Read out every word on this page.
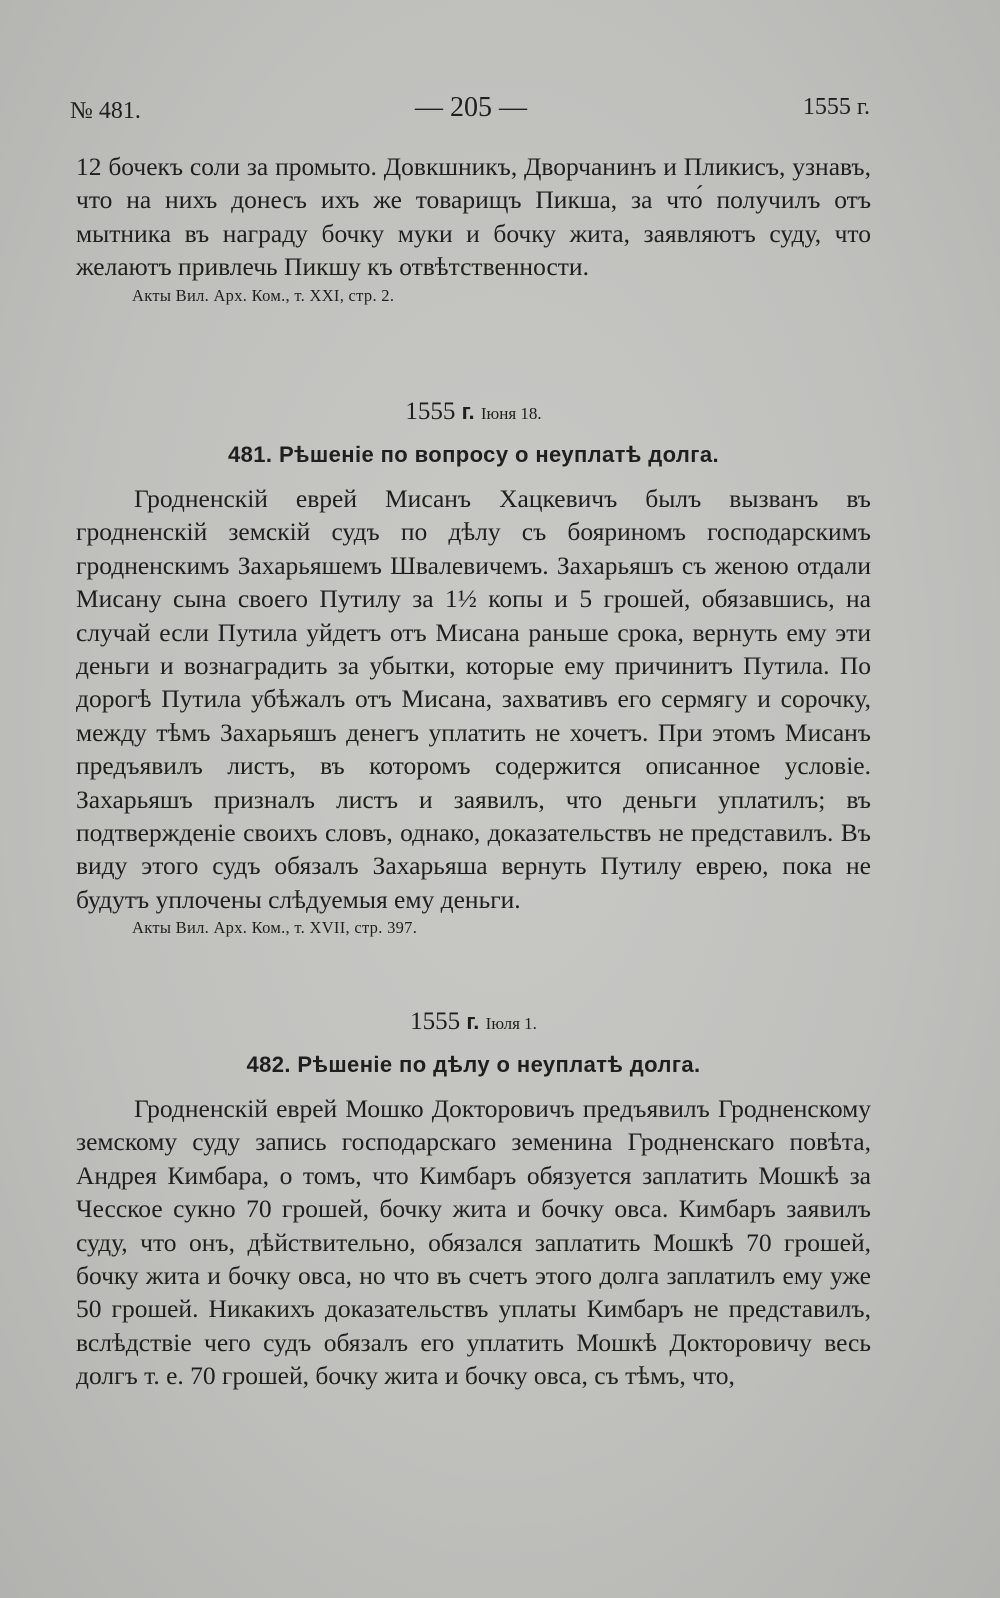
№ 481.	— 205 —	1555 г.

12 бочекъ соли за промыто. Довкшникъ, Дворчанинъ и Пликисъ, узнавъ, что на нихъ донесъ ихъ же товарищъ Пикша, за что́ получилъ отъ мытника въ награду бочку муки и бочку жита, заявляютъ суду, что желаютъ привлечь Пикшу къ отвѣтственности.

Акты Вил. Арх. Ком., т. XXI, стр. 2.
1555 г. Iюня 18.
481. Рѣшеніе по вопросу о неуплатѣ долга.

Гродненскій еврей Мисанъ Хацкевичъ былъ вызванъ въ гродненскій земскій судъ по дѣлу съ бояриномъ господарскимъ гродненскимъ Захарьяшемъ Швалевичемъ. Захарьяшъ съ женою отдали Мисану сына своего Путилу за 1½ копы и 5 грошей, обязавшись, на случай если Путила уйдетъ отъ Мисана раньше срока, вернуть ему эти деньги и вознаградить за убытки, которые ему причинитъ Путила. По дорогѣ Путила убѣжалъ отъ Мисана, захвативъ его сермягу и сорочку, между тѣмъ Захарьяшъ денегъ уплатить не хочетъ. При этомъ Мисанъ предъявилъ листъ, въ которомъ содержится описанное условіе. Захарьяшъ призналъ листъ и заявилъ, что деньги уплатилъ; въ подтвержденіе своихъ словъ, однако, доказательствъ не представилъ. Въ виду этого судъ обязалъ Захарьяша вернуть Путилу еврею, пока не будутъ уплочены слѣдуемыя ему деньги.

Акты Вил. Арх. Ком., т. XVII, стр. 397.
1555 г. Iюля 1.
482. Рѣшеніе по дѣлу о неуплатѣ долга.

Гродненскій еврей Мошко Докторовичъ предъявилъ Гродненскому земскому суду запись господарскаго земенина Гродненскаго повѣта, Андрея Кимбара, о томъ, что Кимбаръ обязуется заплатить Мошкѣ за Чесское сукно 70 грошей, бочку жита и бочку овса. Кимбаръ заявилъ суду, что онъ, дѣйствительно, обязался заплатить Мошкѣ 70 грошей, бочку жита и бочку овса, но что въ счетъ этого долга заплатилъ ему уже 50 грошей. Никакихъ доказательствъ уплаты Кимбаръ не представилъ, вслѣдствіе чего судъ обязалъ его уплатить Мошкѣ Докторовичу весь долгъ т. е. 70 грошей, бочку жита и бочку овса, съ тѣмъ, что,
